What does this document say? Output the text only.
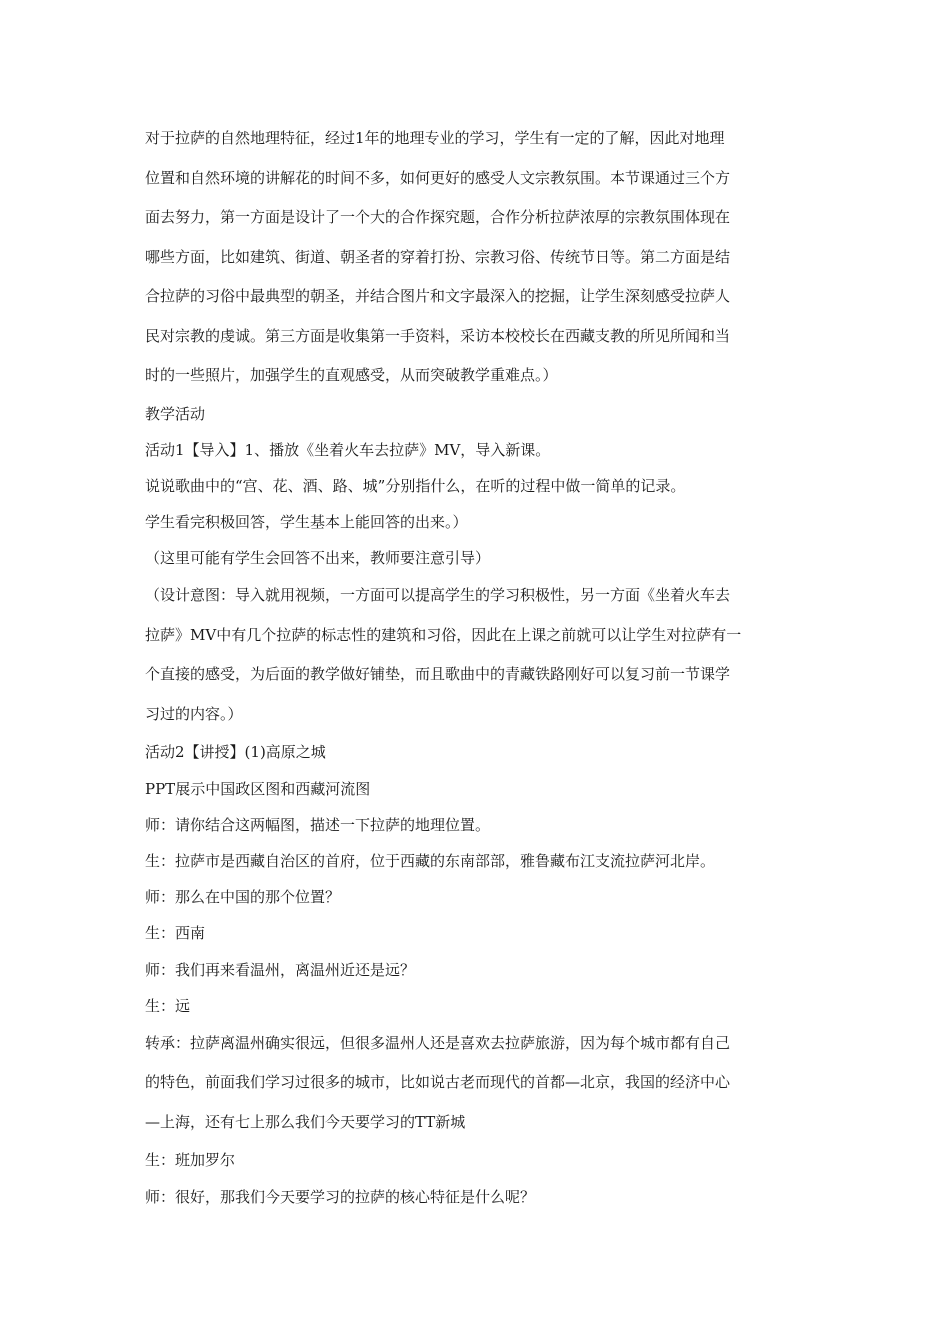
对于拉萨的自然地理特征，经过1年的地理专业的学习，学生有一定的了解，因此对地理
位置和自然环境的讲解花的时间不多，如何更好的感受人文宗教氛围。本节课通过三个方
面去努力，第一方面是设计了一个大的合作探究题，合作分析拉萨浓厚的宗教氛围体现在
哪些方面，比如建筑、街道、朝圣者的穿着打扮、宗教习俗、传统节日等。第二方面是结
合拉萨的习俗中最典型的朝圣，并结合图片和文字最深入的挖掘，让学生深刻感受拉萨人
民对宗教的虔诚。第三方面是收集第一手资料，采访本校校长在西藏支教的所见所闻和当
时的一些照片，加强学生的直观感受，从而突破教学重难点。）
教学活动
活动1【导入】1、播放《坐着火车去拉萨》MV，导入新课。
说说歌曲中的“宫、花、酒、路、城”分别指什么，在听的过程中做一简单的记录。
学生看完积极回答，学生基本上能回答的出来。）
（这里可能有学生会回答不出来，教师要注意引导）
（设计意图：导入就用视频，一方面可以提高学生的学习积极性，另一方面《坐着火车去
拉萨》MV中有几个拉萨的标志性的建筑和习俗，因此在上课之前就可以让学生对拉萨有一
个直接的感受，为后面的教学做好铺垫，而且歌曲中的青藏铁路刚好可以复习前一节课学
习过的内容。）
活动2【讲授】(1)高原之城
PPT展示中国政区图和西藏河流图
师：请你结合这两幅图，描述一下拉萨的地理位置。
生：拉萨市是西藏自治区的首府，位于西藏的东南部部，雅鲁藏布江支流拉萨河北岸。
师：那么在中国的那个位置？
生：西南
师：我们再来看温州，离温州近还是远？
生：远
转承：拉萨离温州确实很远，但很多温州人还是喜欢去拉萨旅游，因为每个城市都有自己
的特色，前面我们学习过很多的城市，比如说古老而现代的首都—北京，我国的经济中心
—上海，还有七上那么我们今天要学习的TT新城
生：班加罗尔
师：很好，那我们今天要学习的拉萨的核心特征是什么呢？
